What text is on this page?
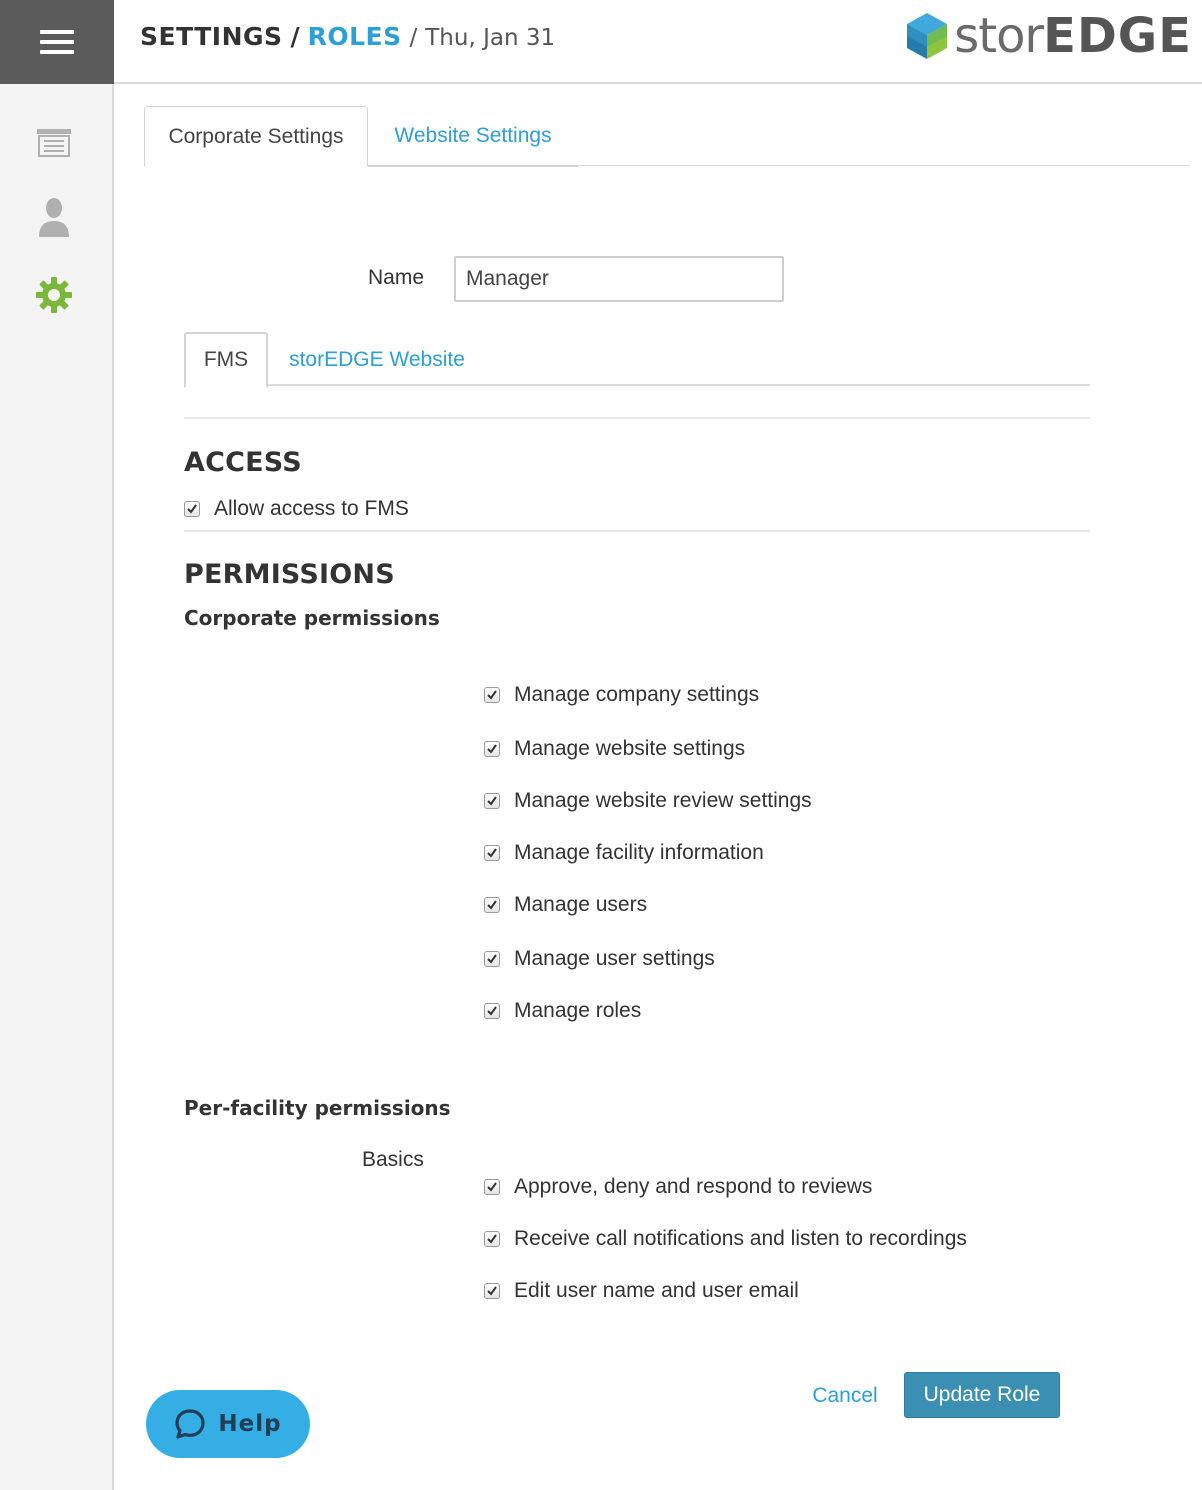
SETTINGS / ROLES / Thu, Jan 31	storEDGE
Corporate Settings	Website Settings
Name
Manager
FMS	storEDGE Website
ACCESS
Allow access to FMS
PERMISSIONS
Corporate permissions
Manage company settings
Manage website settings
Manage website review settings
Manage facility information
Manage users
Manage user settings
Manage roles
Per-facility permissions
Basics
Approve, deny and respond to reviews
Receive call notifications and listen to recordings
Edit user name and user email
Cancel	Update Role
Help
